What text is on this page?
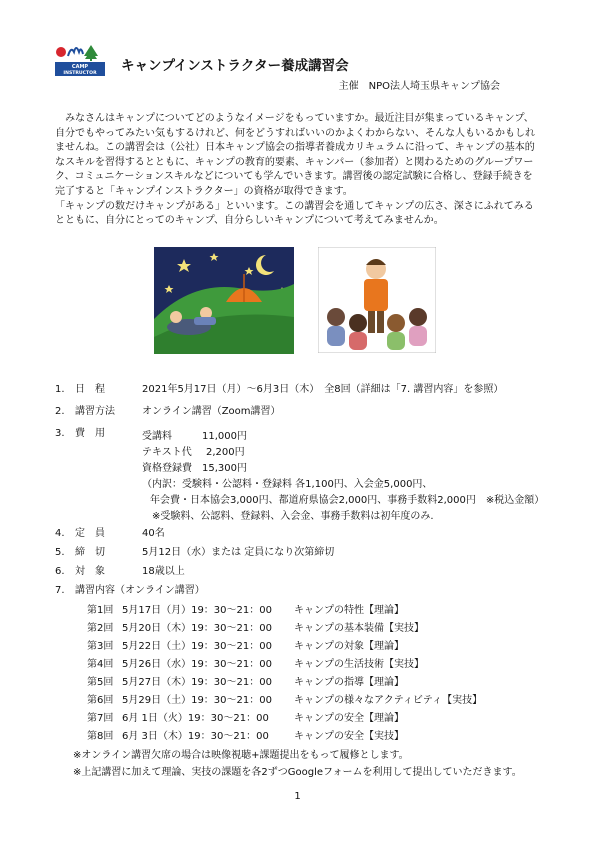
CAMP
INSTRUCTOR キャンプインストラクター養成講習会
主催　NPO法人埼玉県キャンプ協会

　みなさんはキャンプについてどのようなイメージをもっていますか。最近注目が集まっているキャンプ、

自分でもやってみたい気もするけれど、何をどうすればいいのかよくわからない、そんな人もいるかもしれ

ませんね。この講習会は（公社）日本キャンプ協会の指導者養成カリキュラムに沿って、キャンプの基本的

なスキルを習得するとともに、キャンプの教育的要素、キャンパー（参加者）と関わるためのグループワー

ク、コミュニケーションスキルなどについても学んでいきます。講習後の認定試験に合格し、登録手続きを

完了すると「キャンプインストラクター」の資格が取得できます。

「キャンプの数だけキャンプがある」といいます。この講習会を通してキャンプの広さ、深さにふれてみる

とともに、自分にとってのキャンプ、自分らしいキャンプについて考えてみませんか。

1. 日　程	2021年5月17日（月）～6月3日（木）　全8回（詳細は「7. 講習内容」を参照）
2. 講習方法	オンライン講習（Zoom講習）
3. 費　用	受講料	11,000円
テキスト代 2,200円
資格登録費 15,300円
（内訳：受験料・公認料・登録料 各1,100円、入会金5,000円、
年会費・日本協会3,000円、都道府県協会2,000円、事務手数料2,000円　※税込金額）
※受験料、公認料、登録料、入会金、事務手数料は初年度のみ.
4. 定　員	40名
5. 締　切	5月12日（水）または 定員になり次第締切
6. 対　象	18歳以上
7. 講習内容（オンライン講習）
第1回 5月17日（月）19：30～21：00 キャンプの特性【理論】
第2回 5月20日（木）19：30～21：00 キャンプの基本装備【実技】
第3回 5月22日（土）19：30～21：00 キャンプの対象【理論】
第4回 5月26日（水）19：30～21：00 キャンプの生活技術【実技】
第5回 5月27日（木）19：30～21：00 キャンプの指導【理論】
第6回 5月29日（土）19：30～21：00 キャンプの様々なアクティビティ【実技】
第7回 6月 1日（火）19：30～21：00	キャンプの安全【理論】
第8回 6月 3日（木）19：30～21：00	キャンプの安全【実技】
※オンライン講習欠席の場合は映像視聴+課題提出をもって履修とします。
※上記講習に加えて理論、実技の課題を各2ずつGoogleフォームを利用して提出していただきます。
1
